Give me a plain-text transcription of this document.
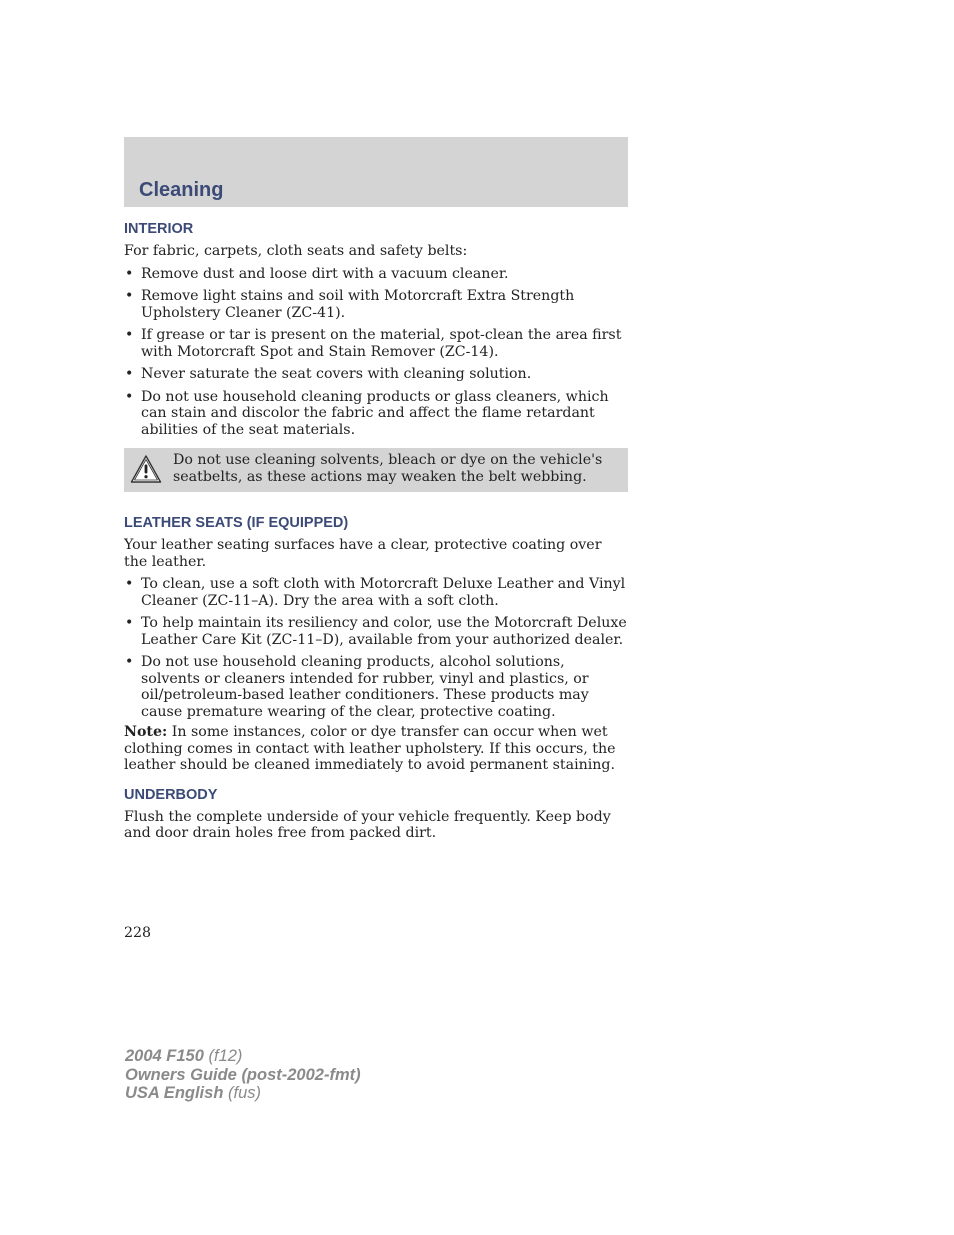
Cleaning
INTERIOR

For fabric, carpets, cloth seats and safety belts:

• Remove dust and loose dirt with a vacuum cleaner.
• Remove light stains and soil with Motorcraft Extra Strength Upholstery Cleaner (ZC-41).
• If grease or tar is present on the material, spot-clean the area first with Motorcraft Spot and Stain Remover (ZC-14).
• Never saturate the seat covers with cleaning solution.
• Do not use household cleaning products or glass cleaners, which can stain and discolor the fabric and affect the flame retardant abilities of the seat materials.
Do not use cleaning solvents, bleach or dye on the vehicle's seatbelts, as these actions may weaken the belt webbing.
LEATHER SEATS (IF EQUIPPED)

Your leather seating surfaces have a clear, protective coating over the leather.

• To clean, use a soft cloth with Motorcraft Deluxe Leather and Vinyl Cleaner (ZC-11–A). Dry the area with a soft cloth.
• To help maintain its resiliency and color, use the Motorcraft Deluxe Leather Care Kit (ZC-11–D), available from your authorized dealer.
• Do not use household cleaning products, alcohol solutions, solvents or cleaners intended for rubber, vinyl and plastics, or oil/petroleum-based leather conditioners. These products may cause premature wearing of the clear, protective coating.

Note: In some instances, color or dye transfer can occur when wet clothing comes in contact with leather upholstery. If this occurs, the leather should be cleaned immediately to avoid permanent staining.

UNDERBODY

Flush the complete underside of your vehicle frequently. Keep body and door drain holes free from packed dirt.

228
2004 F150 (f12)
Owners Guide (post-2002-fmt)
USA English (fus)
